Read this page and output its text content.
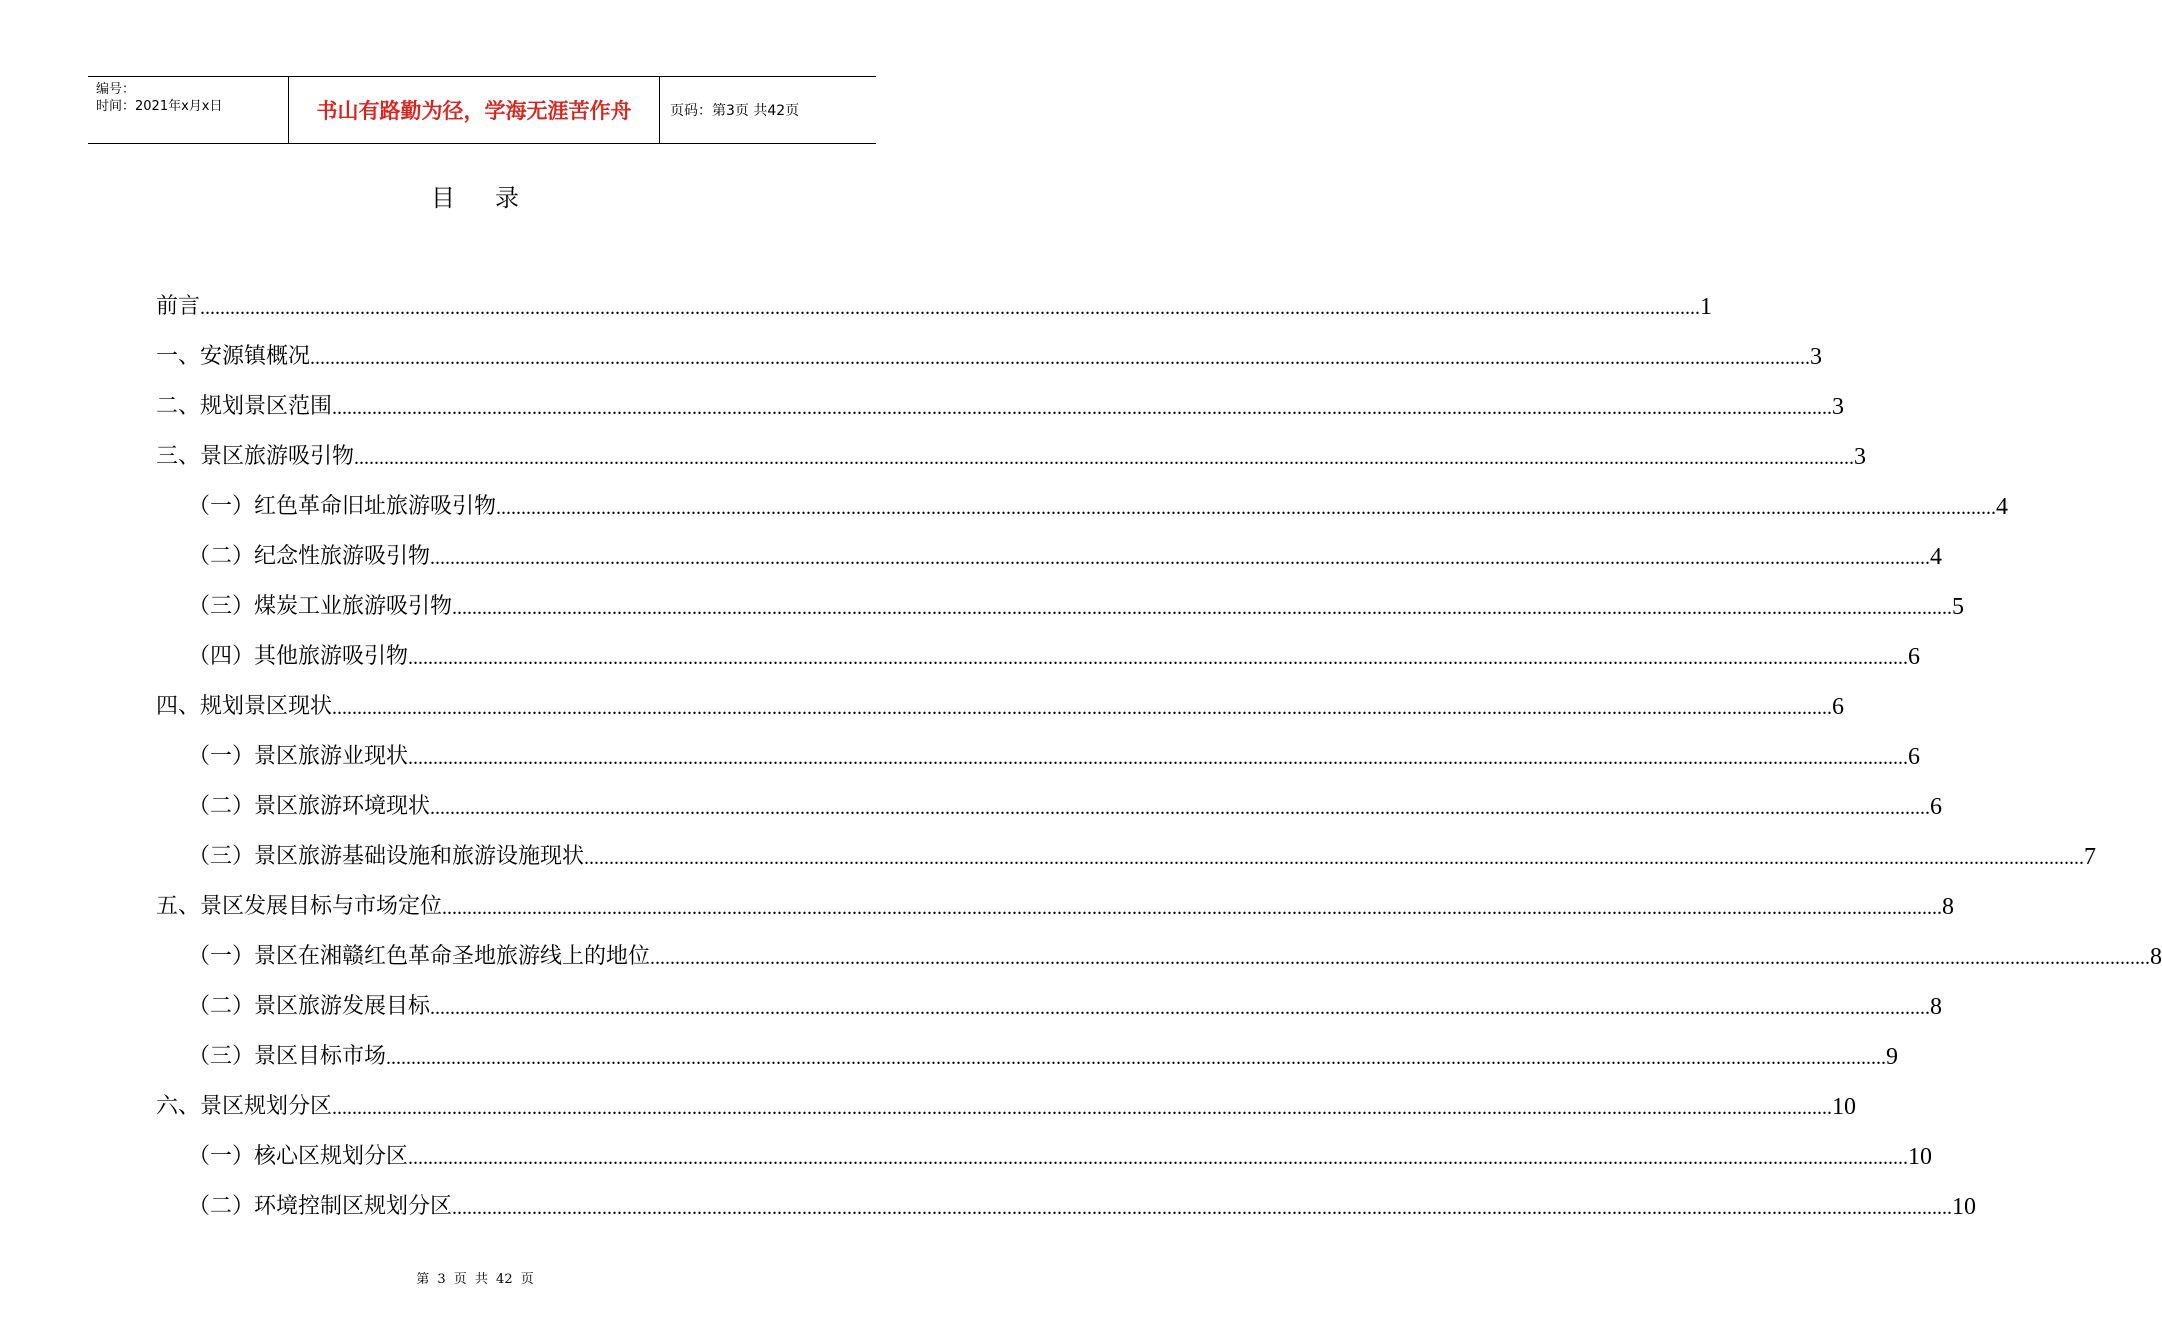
编号：
时间：2021年x月x日	书山有路勤为径，学海无涯苦作舟	页码：第3页 共42页
目录
前言 ............................................................................................................................................................................................................................................................................................................ 1
一、安源镇概况 ............................................................................................................................................................................................................................................................................................................ 3
二、规划景区范围 ............................................................................................................................................................................................................................................................................................................ 3
三、景区旅游吸引物 ............................................................................................................................................................................................................................................................................................................ 3
（一）红色革命旧址旅游吸引物 ............................................................................................................................................................................................................................................................................................................ 4
（二）纪念性旅游吸引物 ............................................................................................................................................................................................................................................................................................................ 4
（三）煤炭工业旅游吸引物 ............................................................................................................................................................................................................................................................................................................ 5
（四）其他旅游吸引物 ............................................................................................................................................................................................................................................................................................................ 6
四、规划景区现状 ............................................................................................................................................................................................................................................................................................................ 6
（一）景区旅游业现状 ............................................................................................................................................................................................................................................................................................................ 6
（二）景区旅游环境现状 ............................................................................................................................................................................................................................................................................................................ 6
（三）景区旅游基础设施和旅游设施现状 ............................................................................................................................................................................................................................................................................................................ 7
五、景区发展目标与市场定位 ............................................................................................................................................................................................................................................................................................................ 8
（一）景区在湘赣红色革命圣地旅游线上的地位 ............................................................................................................................................................................................................................................................................................................ 8
（二）景区旅游发展目标 ............................................................................................................................................................................................................................................................................................................ 8
（三）景区目标市场 ............................................................................................................................................................................................................................................................................................................ 9
六、景区规划分区 ............................................................................................................................................................................................................................................................................................................ 10
（一）核心区规划分区 ............................................................................................................................................................................................................................................................................................................ 10
（二）环境控制区规划分区 ............................................................................................................................................................................................................................................................................................................ 10
第 3 页 共 42 页
